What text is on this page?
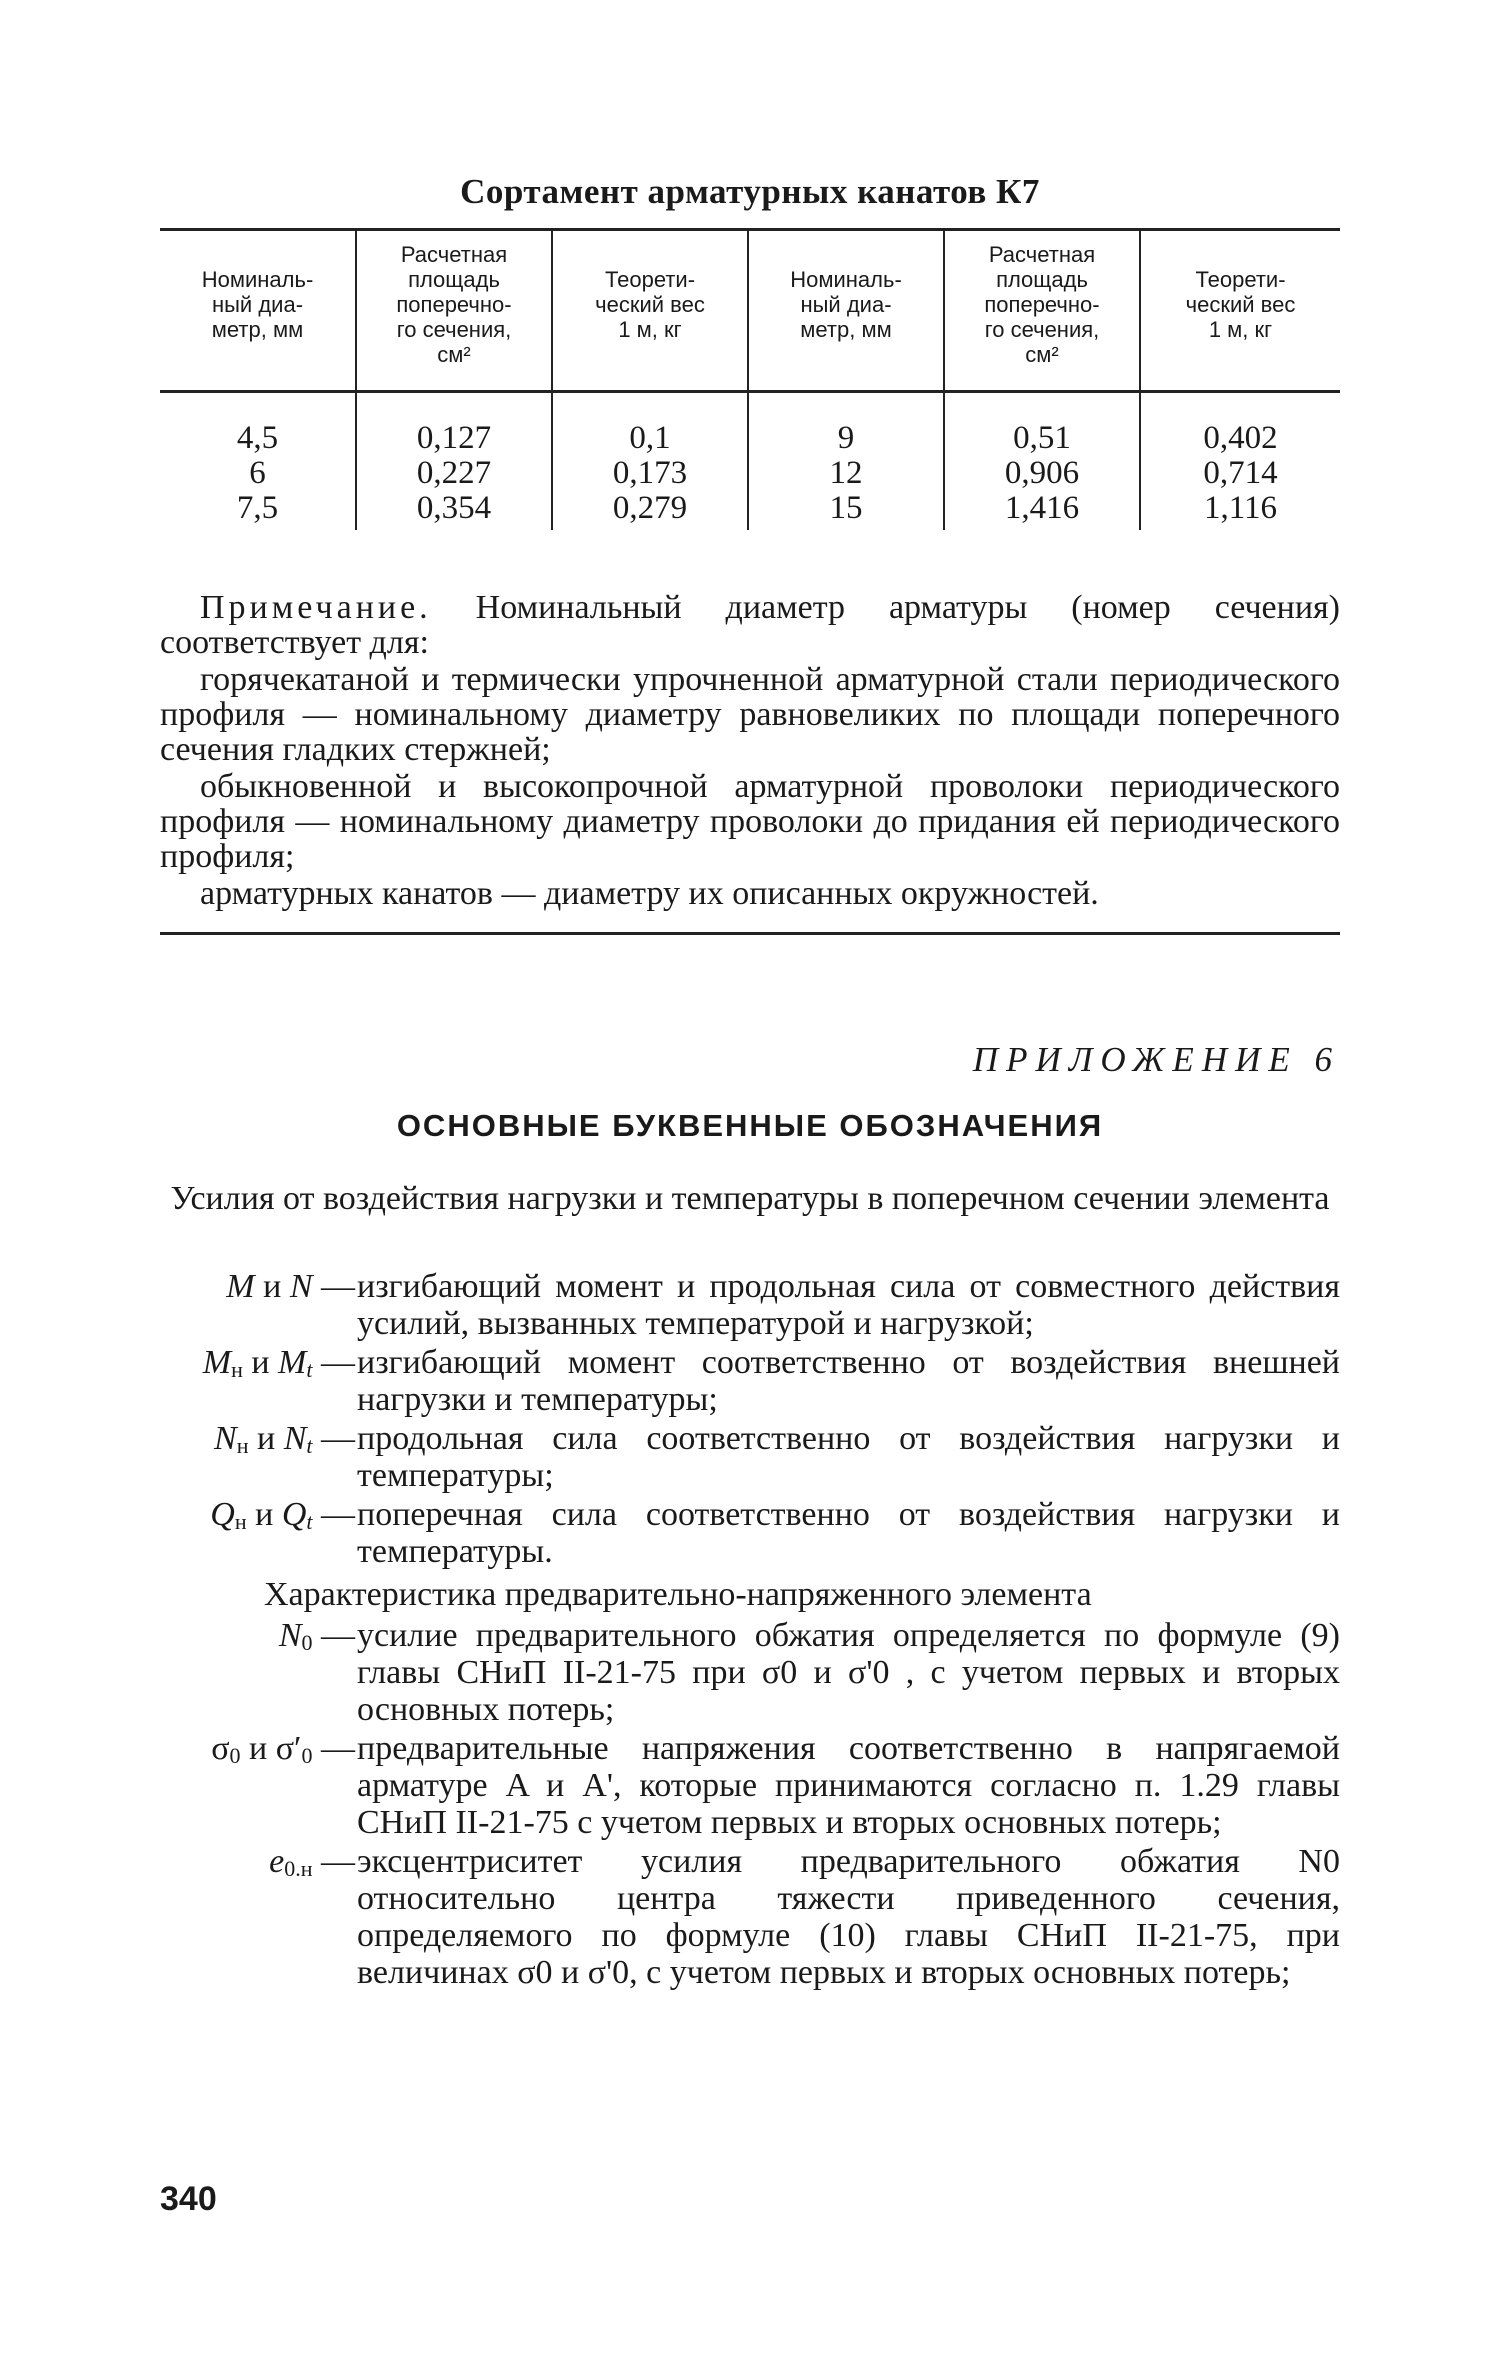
Сортамент арматурных канатов К7
Номиналь-
ный диа-
метр, мм	Расчетная
площадь
поперечно-
го сечения,
см²	Теорети-
ческий вес
1 м, кг	Номиналь-
ный диа-
метр, мм	Расчетная
площадь
поперечно-
го сечения,
см²	Теорети-
ческий вес
1 м, кг
4,5	0,127	0,1	9	0,51	0,402
6	0,227	0,173	12	0,906	0,714
7,5	0,354	0,279	15	1,416	1,116

Примечание. Номинальный диаметр арматуры (номер сечения) соответствует для:

горячекатаной и термически упрочненной арматурной стали периодического профиля — номинальному диаметру равновеликих по площади поперечного сечения гладких стержней;

обыкновенной и высокопрочной арматурной проволоки периодического профиля — номинальному диаметру проволоки до придания ей периодического профиля;

арматурных канатов — диаметру их описанных окружностей.

ПРИЛОЖЕНИЕ 6
ОСНОВНЫЕ БУКВЕННЫЕ ОБОЗНАЧЕНИЯ
Усилия от воздействия нагрузки и температуры в поперечном сечении элемента
M и N — изгибающий момент и продольная сила от совместного действия усилий, вызванных температурой и нагрузкой;
$M_н$ и $M_t$ — изгибающий момент соответственно от воздействия внешней нагрузки и температуры;
$N_н$ и $N_t$ — продольная сила соответственно от воздействия нагрузки и температуры;
$Q_н$ и $Q_t$ — поперечная сила соответственно от воздействия нагрузки и температуры.
Характеристика предварительно-напряженного элемента
$N_0$ — усилие предварительного обжатия определяется по формуле (9) главы СНиП II-21-75 при σ0 и σ'0 , с учетом первых и вторых основных потерь;
$\sigma_0$ и $\sigma'_0$ — предварительные напряжения соответственно в напрягаемой арматуре A и A', которые принимаются согласно п. 1.29 главы СНиП II-21-75 с учетом первых и вторых основных потерь;
$e_{0.н}$ — эксцентриситет усилия предварительного обжатия N0 относительно центра тяжести приведенного сечения, определяемого по формуле (10) главы СНиП II-21-75, при величинах σ0 и σ'0, с учетом первых и вторых основных потерь;
340
